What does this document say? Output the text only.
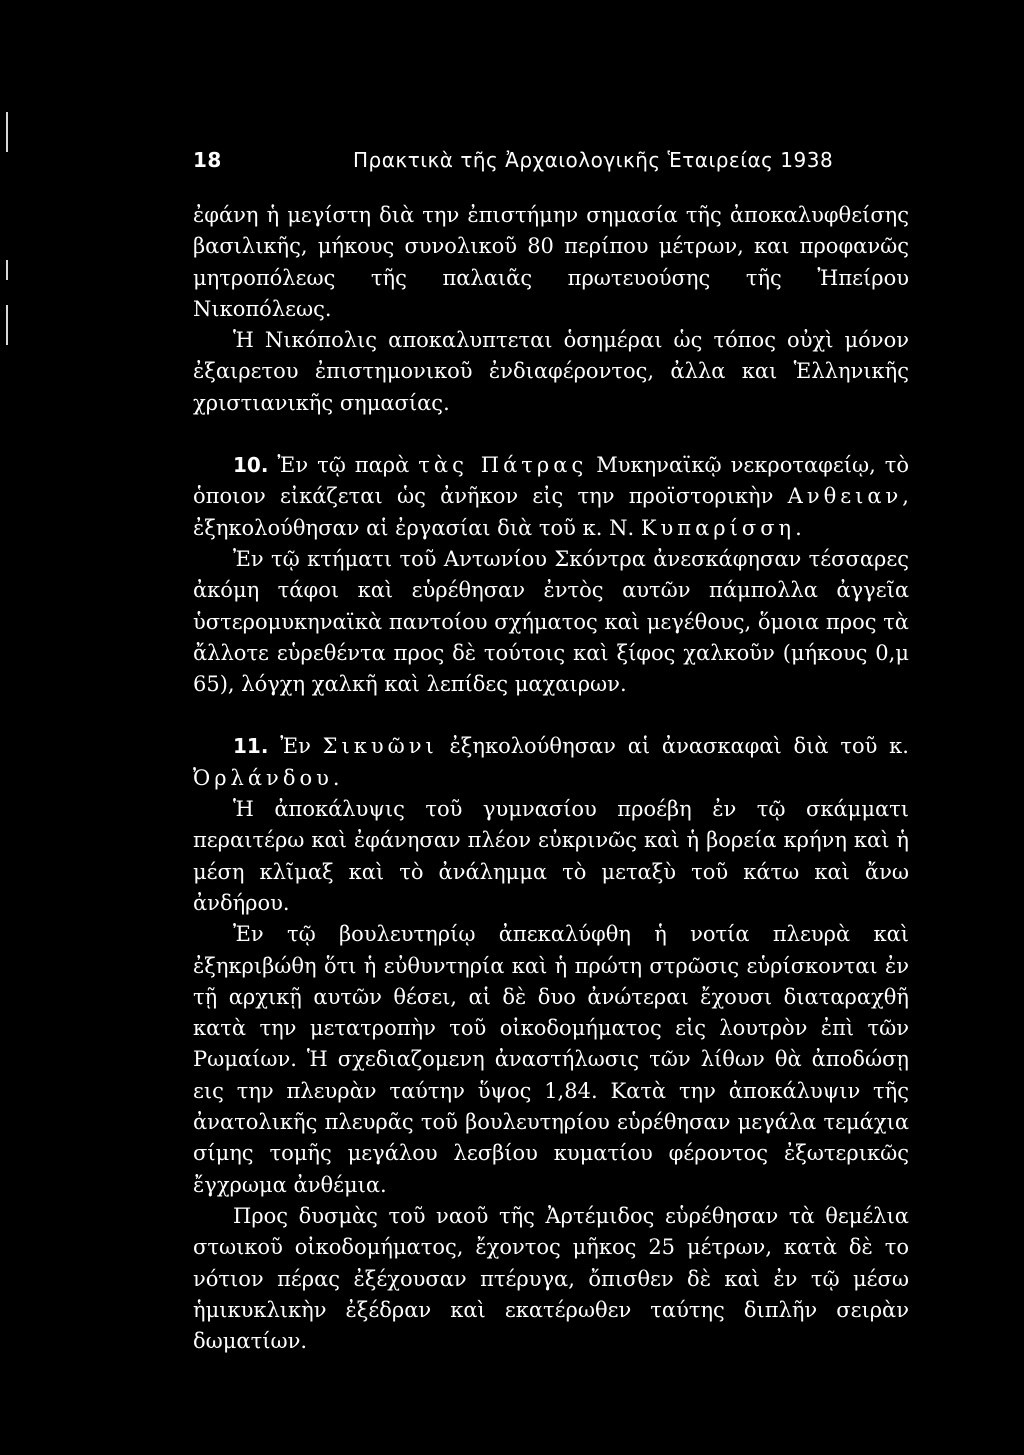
18	Πρακτικὰ τῆς Ἀρχαιολογικῆς Ἑταιρείας 1938

ἐφάνη ἡ μεγίστη διὰ την ἐπιστήμην σημασία τῆς ἀποκαλυφθείσης βασιλικῆς, μήκους συνολικοῦ 80 περίπου μέτρων, και προφανῶς μητροπόλεως τῆς παλαιᾶς πρωτευούσης τῆς Ἠπείρου Νικοπόλεως.

Ἡ Νικόπολις αποκαλυπτεται ὁσημέραι ὡς τόπος οὐχὶ μόνον ἐξαιρετου ἐπιστημονικοῦ ἐνδιαφέροντος, ἀλλα και Ἑλληνικῆς χριστιανικῆς σημασίας.

10. Ἐν τῷ παρὰ τὰς Πάτρας Μυκηναϊκῷ νεκροταφείῳ, τὸ ὁποιον εἰκάζεται ὡς ἀνῆκον εἰς την προϊστορικὴν Ανθειαν, ἐξηκολούθησαν αἱ ἐργασίαι διὰ τοῦ κ. Ν. Κυπαρίσση.

Ἐν τῷ κτήματι τοῦ Αντωνίου Σκόντρα ἀνεσκάφησαν τέσσαρες ἀκόμη τάφοι καὶ εὑρέθησαν ἐντὸς αυτῶν πάμπολλα ἀγγεῖα ὑστερομυκηναϊκὰ παντοίου σχήματος καὶ μεγέθους, ὅμοια προς τὰ ἄλλοτε εὑρεθέντα προς δὲ τούτοις καὶ ξίφος χαλκοῦν (μήκους 0,μ 65), λόγχη χαλκῆ καὶ λεπίδες μαχαιρων.

11. Ἐν Σικυῶνι ἐξηκολούθησαν αἱ ἀνασκαφαὶ διὰ τοῦ κ. Ὀρλάνδου.

Ἡ ἀποκάλυψις τοῦ γυμνασίου προέβη ἐν τῷ σκάμματι περαιτέρω καὶ ἐφάνησαν πλέον εὐκρινῶς καὶ ἡ βορεία κρήνη καὶ ἡ μέση κλῖμαξ καὶ τὸ ἀνάλημμα τὸ μεταξὺ τοῦ κάτω καὶ ἄνω ἀνδήρου.

Ἐν τῷ βουλευτηρίῳ ἀπεκαλύφθη ἡ νοτία πλευρὰ καὶ ἐξηκριβώθη ὅτι ἡ εὐθυντηρία καὶ ἡ πρώτη στρῶσις εὑρίσκονται ἐν τῇ αρχικῇ αυτῶν θέσει, αἱ δὲ δυο ἀνώτεραι ἔχουσι διαταραχθῆ κατὰ την μετατροπὴν τοῦ οἰκοδομήματος εἰς λουτρὸν ἐπὶ τῶν Ρωμαίων. Ἡ σχεδιαζομενη ἀναστήλωσις τῶν λίθων θὰ ἀποδώσῃ εις την πλευρὰν ταύτην ὕψος 1,84. Κατὰ την ἀποκάλυψιν τῆς ἀνατολικῆς πλευρᾶς τοῦ βουλευτηρίου εὑρέθησαν μεγάλα τεμάχια σίμης τομῆς μεγάλου λεσβίου κυματίου φέροντος ἐξωτερικῶς ἔγχρωμα ἀνθέμια.

Προς δυσμὰς τοῦ ναοῦ τῆς Ἀρτέμιδος εὑρέθησαν τὰ θεμέλια στωικοῦ οἰκοδομήματος, ἔχοντος μῆκος 25 μέτρων, κατὰ δὲ το νότιον πέρας ἐξέχουσαν πτέρυγα, ὄπισθεν δὲ καὶ ἐν τῷ μέσω ἡμικυκλικὴν ἐξέδραν καὶ εκατέρωθεν ταύτης διπλῆν σειρὰν δωματίων.
